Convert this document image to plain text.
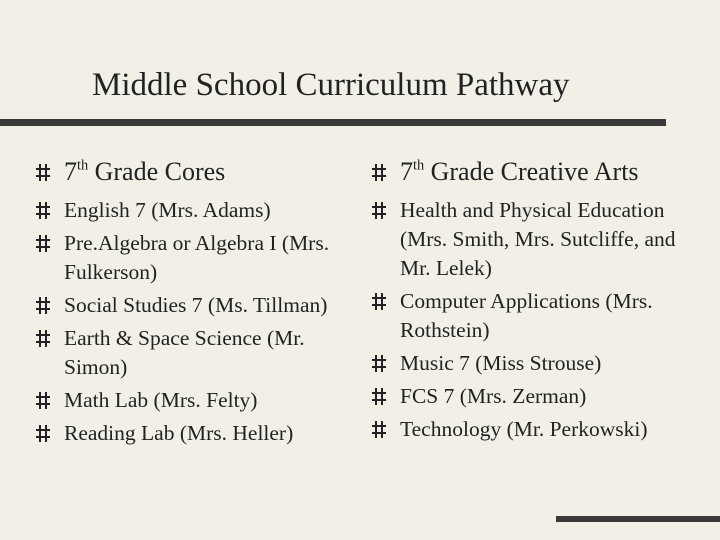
Middle School Curriculum Pathway
7th Grade Cores
English 7 (Mrs. Adams)
Pre.Algebra or Algebra I (Mrs. Fulkerson)
Social Studies 7 (Ms. Tillman)
Earth & Space Science (Mr. Simon)
Math Lab (Mrs. Felty)
Reading Lab (Mrs. Heller)
7th Grade Creative Arts
Health and Physical Education (Mrs. Smith, Mrs. Sutcliffe, and Mr. Lelek)
Computer Applications (Mrs. Rothstein)
Music 7 (Miss Strouse)
FCS 7 (Mrs. Zerman)
Technology (Mr. Perkowski)
